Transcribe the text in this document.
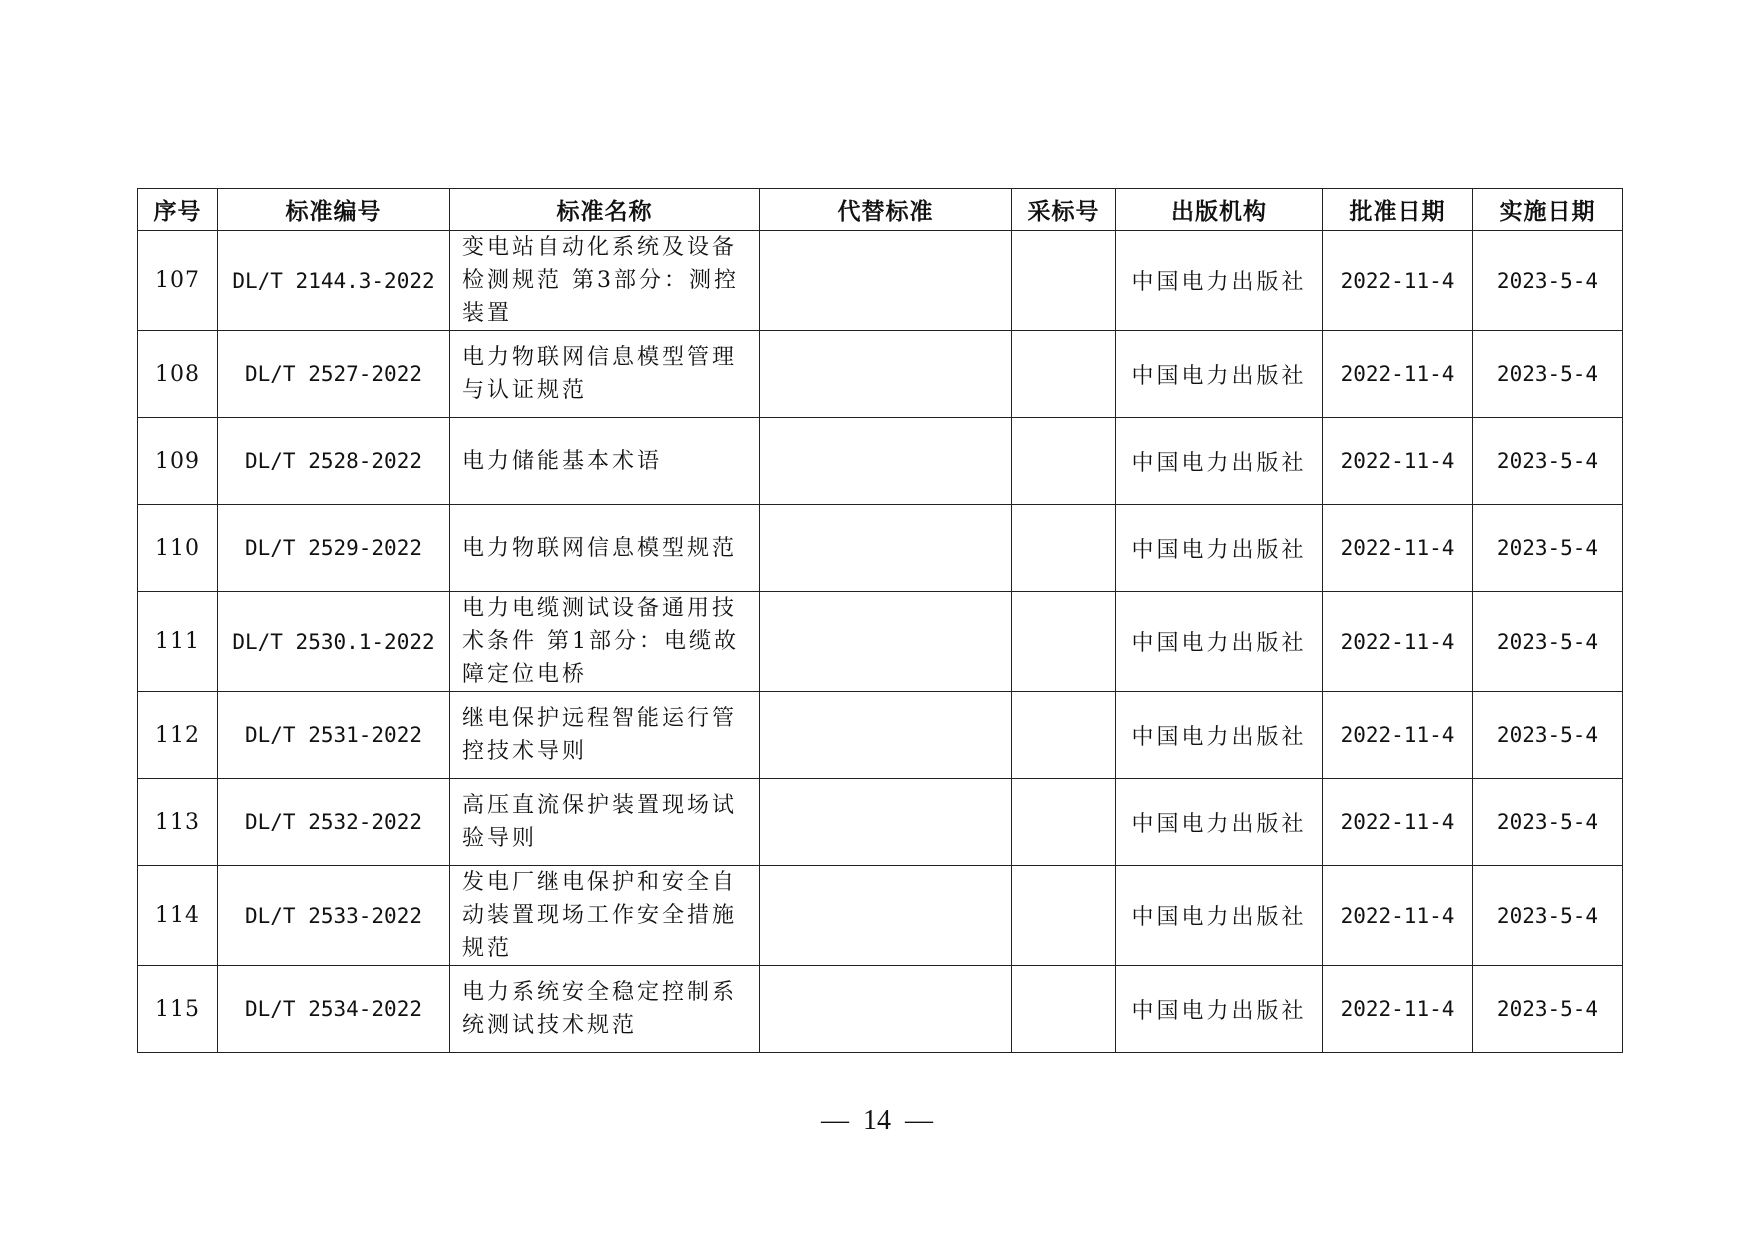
序号	标准编号	标准名称	代替标准	采标号	出版机构	批准日期	实施日期
107	DL/T 2144.3-2022	变电站自动化系统及设备检测规范 第3部分：测控装置			中国电力出版社	2022-11-4	2023-5-4
108	DL/T 2527-2022	电力物联网信息模型管理与认证规范			中国电力出版社	2022-11-4	2023-5-4
109	DL/T 2528-2022	电力储能基本术语			中国电力出版社	2022-11-4	2023-5-4
110	DL/T 2529-2022	电力物联网信息模型规范			中国电力出版社	2022-11-4	2023-5-4
111	DL/T 2530.1-2022	电力电缆测试设备通用技术条件 第1部分：电缆故障定位电桥			中国电力出版社	2022-11-4	2023-5-4
112	DL/T 2531-2022	继电保护远程智能运行管控技术导则			中国电力出版社	2022-11-4	2023-5-4
113	DL/T 2532-2022	高压直流保护装置现场试验导则			中国电力出版社	2022-11-4	2023-5-4
114	DL/T 2533-2022	发电厂继电保护和安全自动装置现场工作安全措施规范			中国电力出版社	2022-11-4	2023-5-4
115	DL/T 2534-2022	电力系统安全稳定控制系统测试技术规范			中国电力出版社	2022-11-4	2023-5-4
— 14 —
